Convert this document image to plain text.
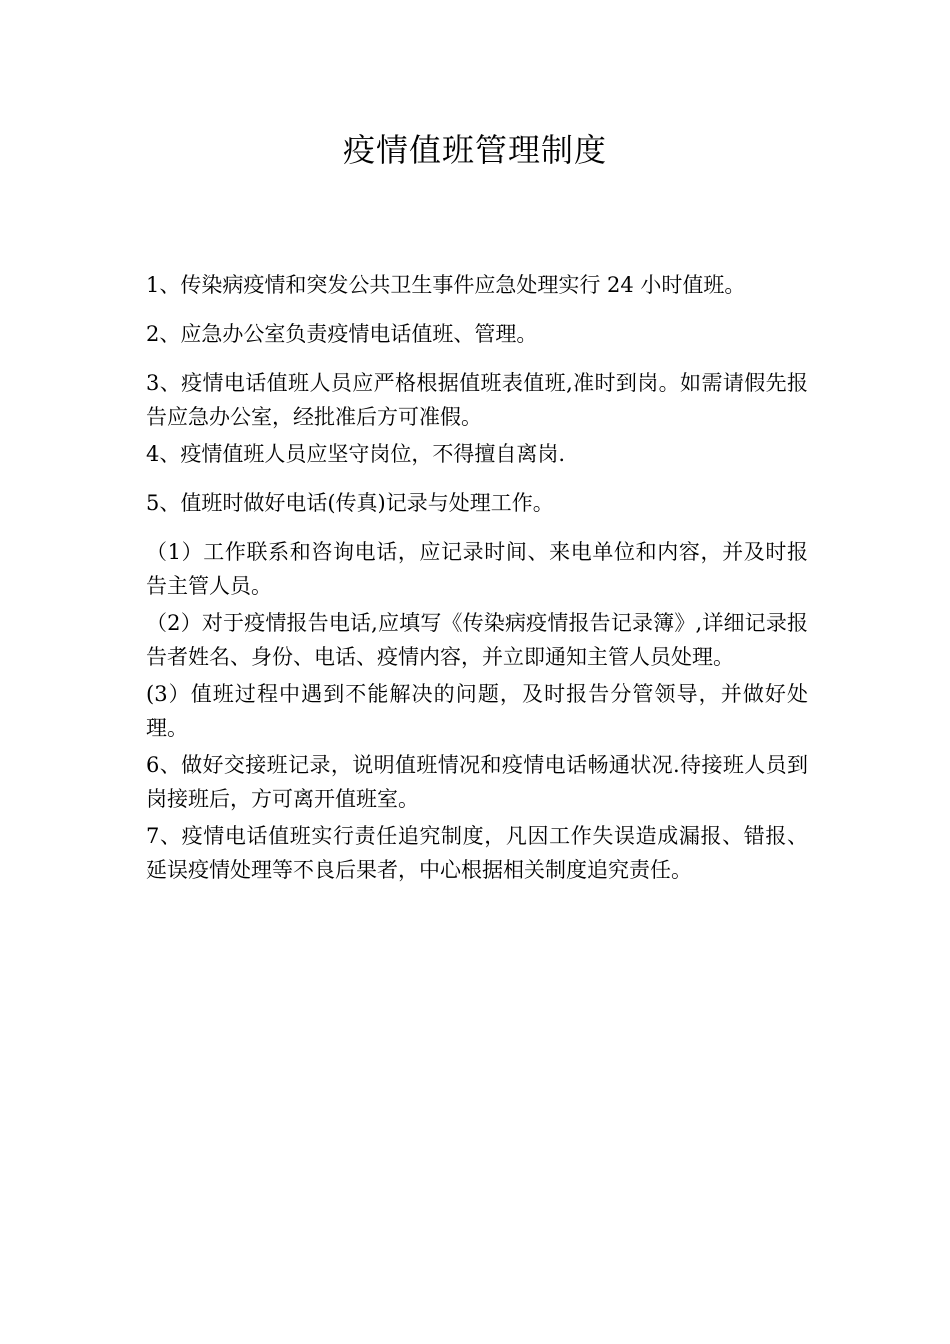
疫情值班管理制度

1、传染病疫情和突发公共卫生事件应急处理实行 24 小时值班。

2、应急办公室负责疫情电话值班、管理。

3、疫情电话值班人员应严格根据值班表值班,准时到岗。如需请假先报告应急办公室，经批准后方可准假。

4、疫情值班人员应坚守岗位，不得擅自离岗.

5、值班时做好电话(传真)记录与处理工作。

（1）工作联系和咨询电话，应记录时间、来电单位和内容，并及时报告主管人员。

（2）对于疫情报告电话,应填写《传染病疫情报告记录簿》,详细记录报告者姓名、身份、电话、疫情内容，并立即通知主管人员处理。

(3）值班过程中遇到不能解决的问题，及时报告分管领导，并做好处理。

6、做好交接班记录，说明值班情况和疫情电话畅通状况.待接班人员到岗接班后，方可离开值班室。

7、疫情电话值班实行责任追究制度，凡因工作失误造成漏报、错报、延误疫情处理等不良后果者，中心根据相关制度追究责任。
